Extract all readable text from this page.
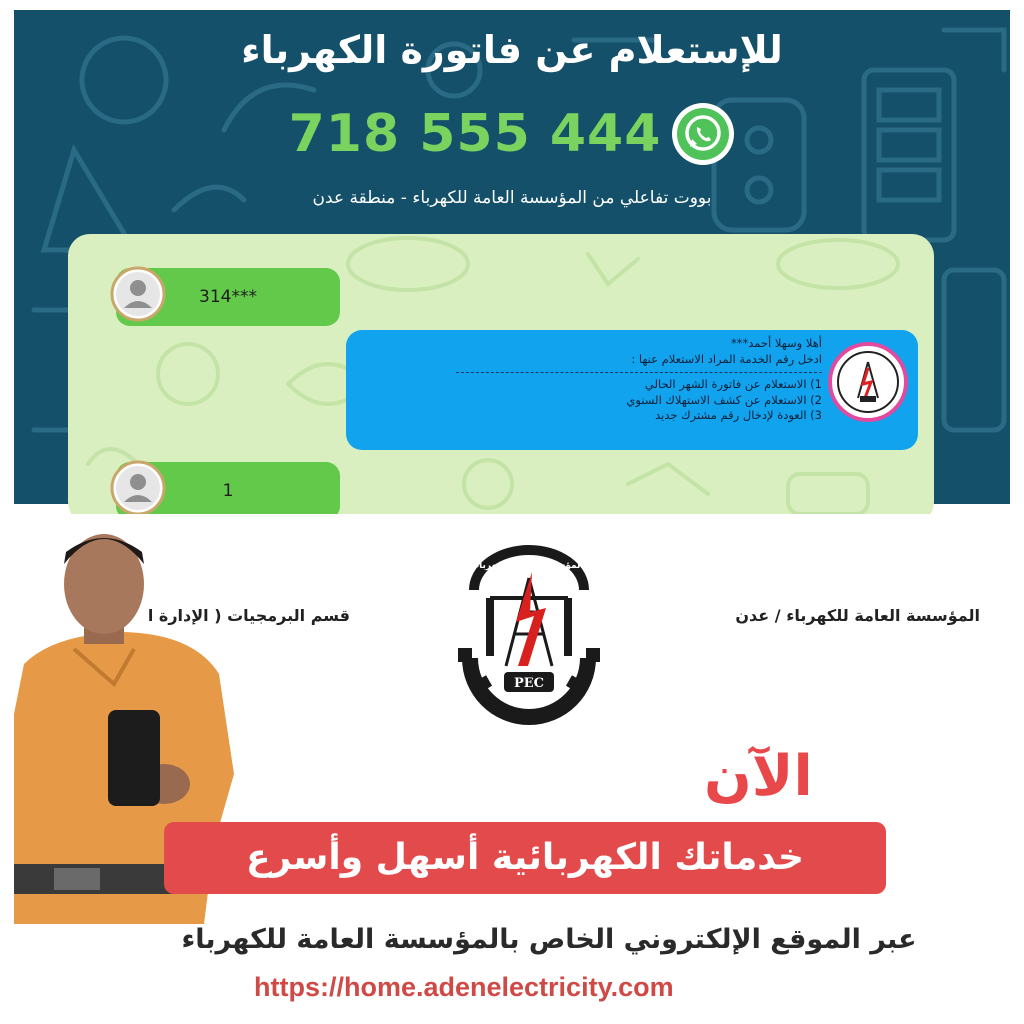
للإستعلام عن فاتورة الكهرباء
718 555 444
بووت تفاعلي من المؤسسة العامة للكهرباء - منطقة عدن
314***
أهلا وسهلا أحمد***
ادخل رقم الخدمة المراد الاستعلام عنها :
1) الاستعلام عن فاتورة الشهر الحالي
2) الاستعلام عن كشف الاستهلاك السنوي
3) العودة لإدخال رقم مشترك جديد
1
المؤسسة العامة للكهرباء / عدن
قسم البرمجيات ( الإدارة ا
PEC
المؤسسة العامة للكهرباء
الآن
خدماتك الكهربائية أسهل وأسرع
عبر الموقع الإلكتروني الخاص بالمؤسسة العامة للكهرباء
https://home.adenelectricity.com
